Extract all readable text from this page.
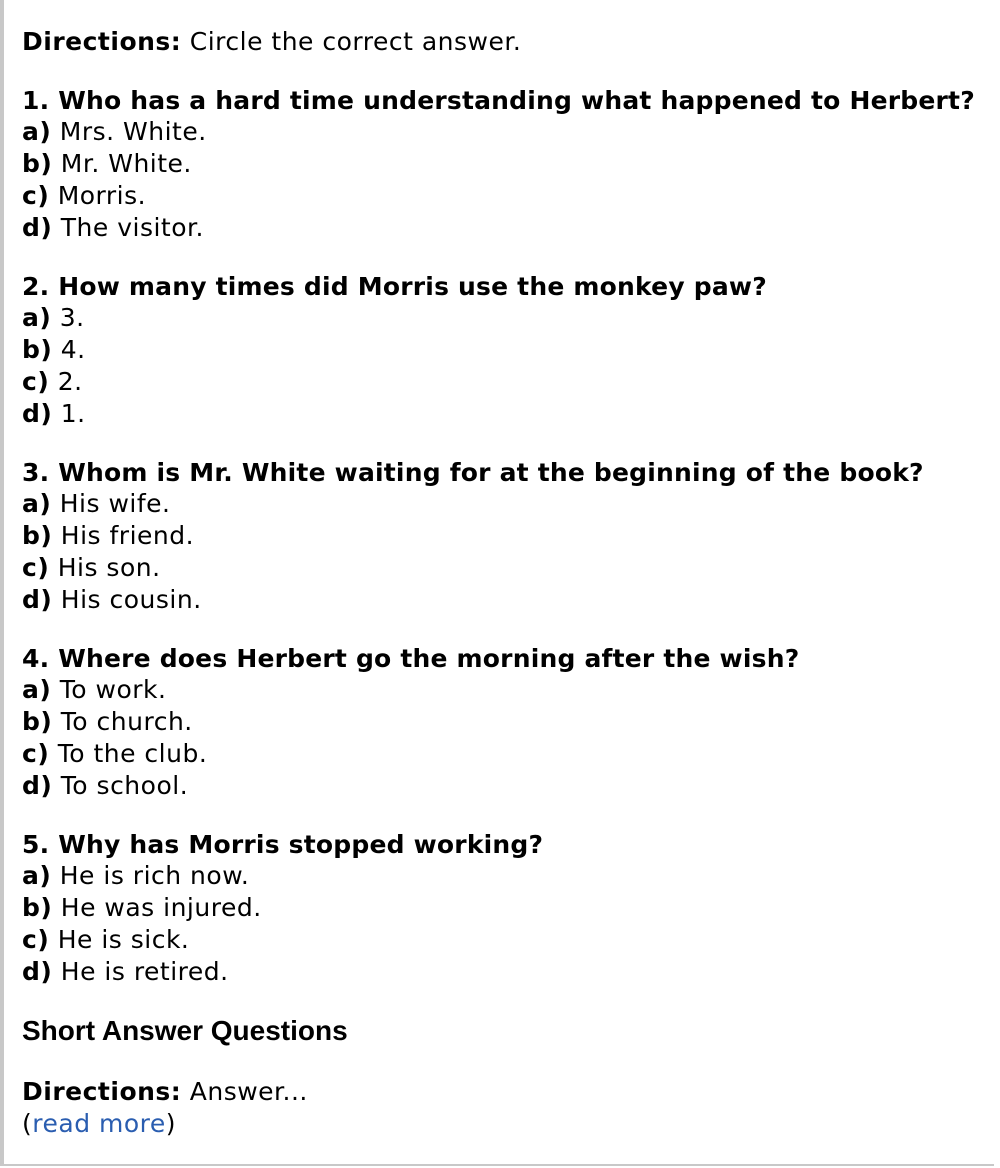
Directions: Circle the correct answer.
1. Who has a hard time understanding what happened to Herbert?
a) Mrs. White.
b) Mr. White.
c) Morris.
d) The visitor.
2. How many times did Morris use the monkey paw?
a) 3.
b) 4.
c) 2.
d) 1.
3. Whom is Mr. White waiting for at the beginning of the book?
a) His wife.
b) His friend.
c) His son.
d) His cousin.
4. Where does Herbert go the morning after the wish?
a) To work.
b) To church.
c) To the club.
d) To school.
5. Why has Morris stopped working?
a) He is rich now.
b) He was injured.
c) He is sick.
d) He is retired.
Short Answer Questions
Directions: Answer...
(read more)
